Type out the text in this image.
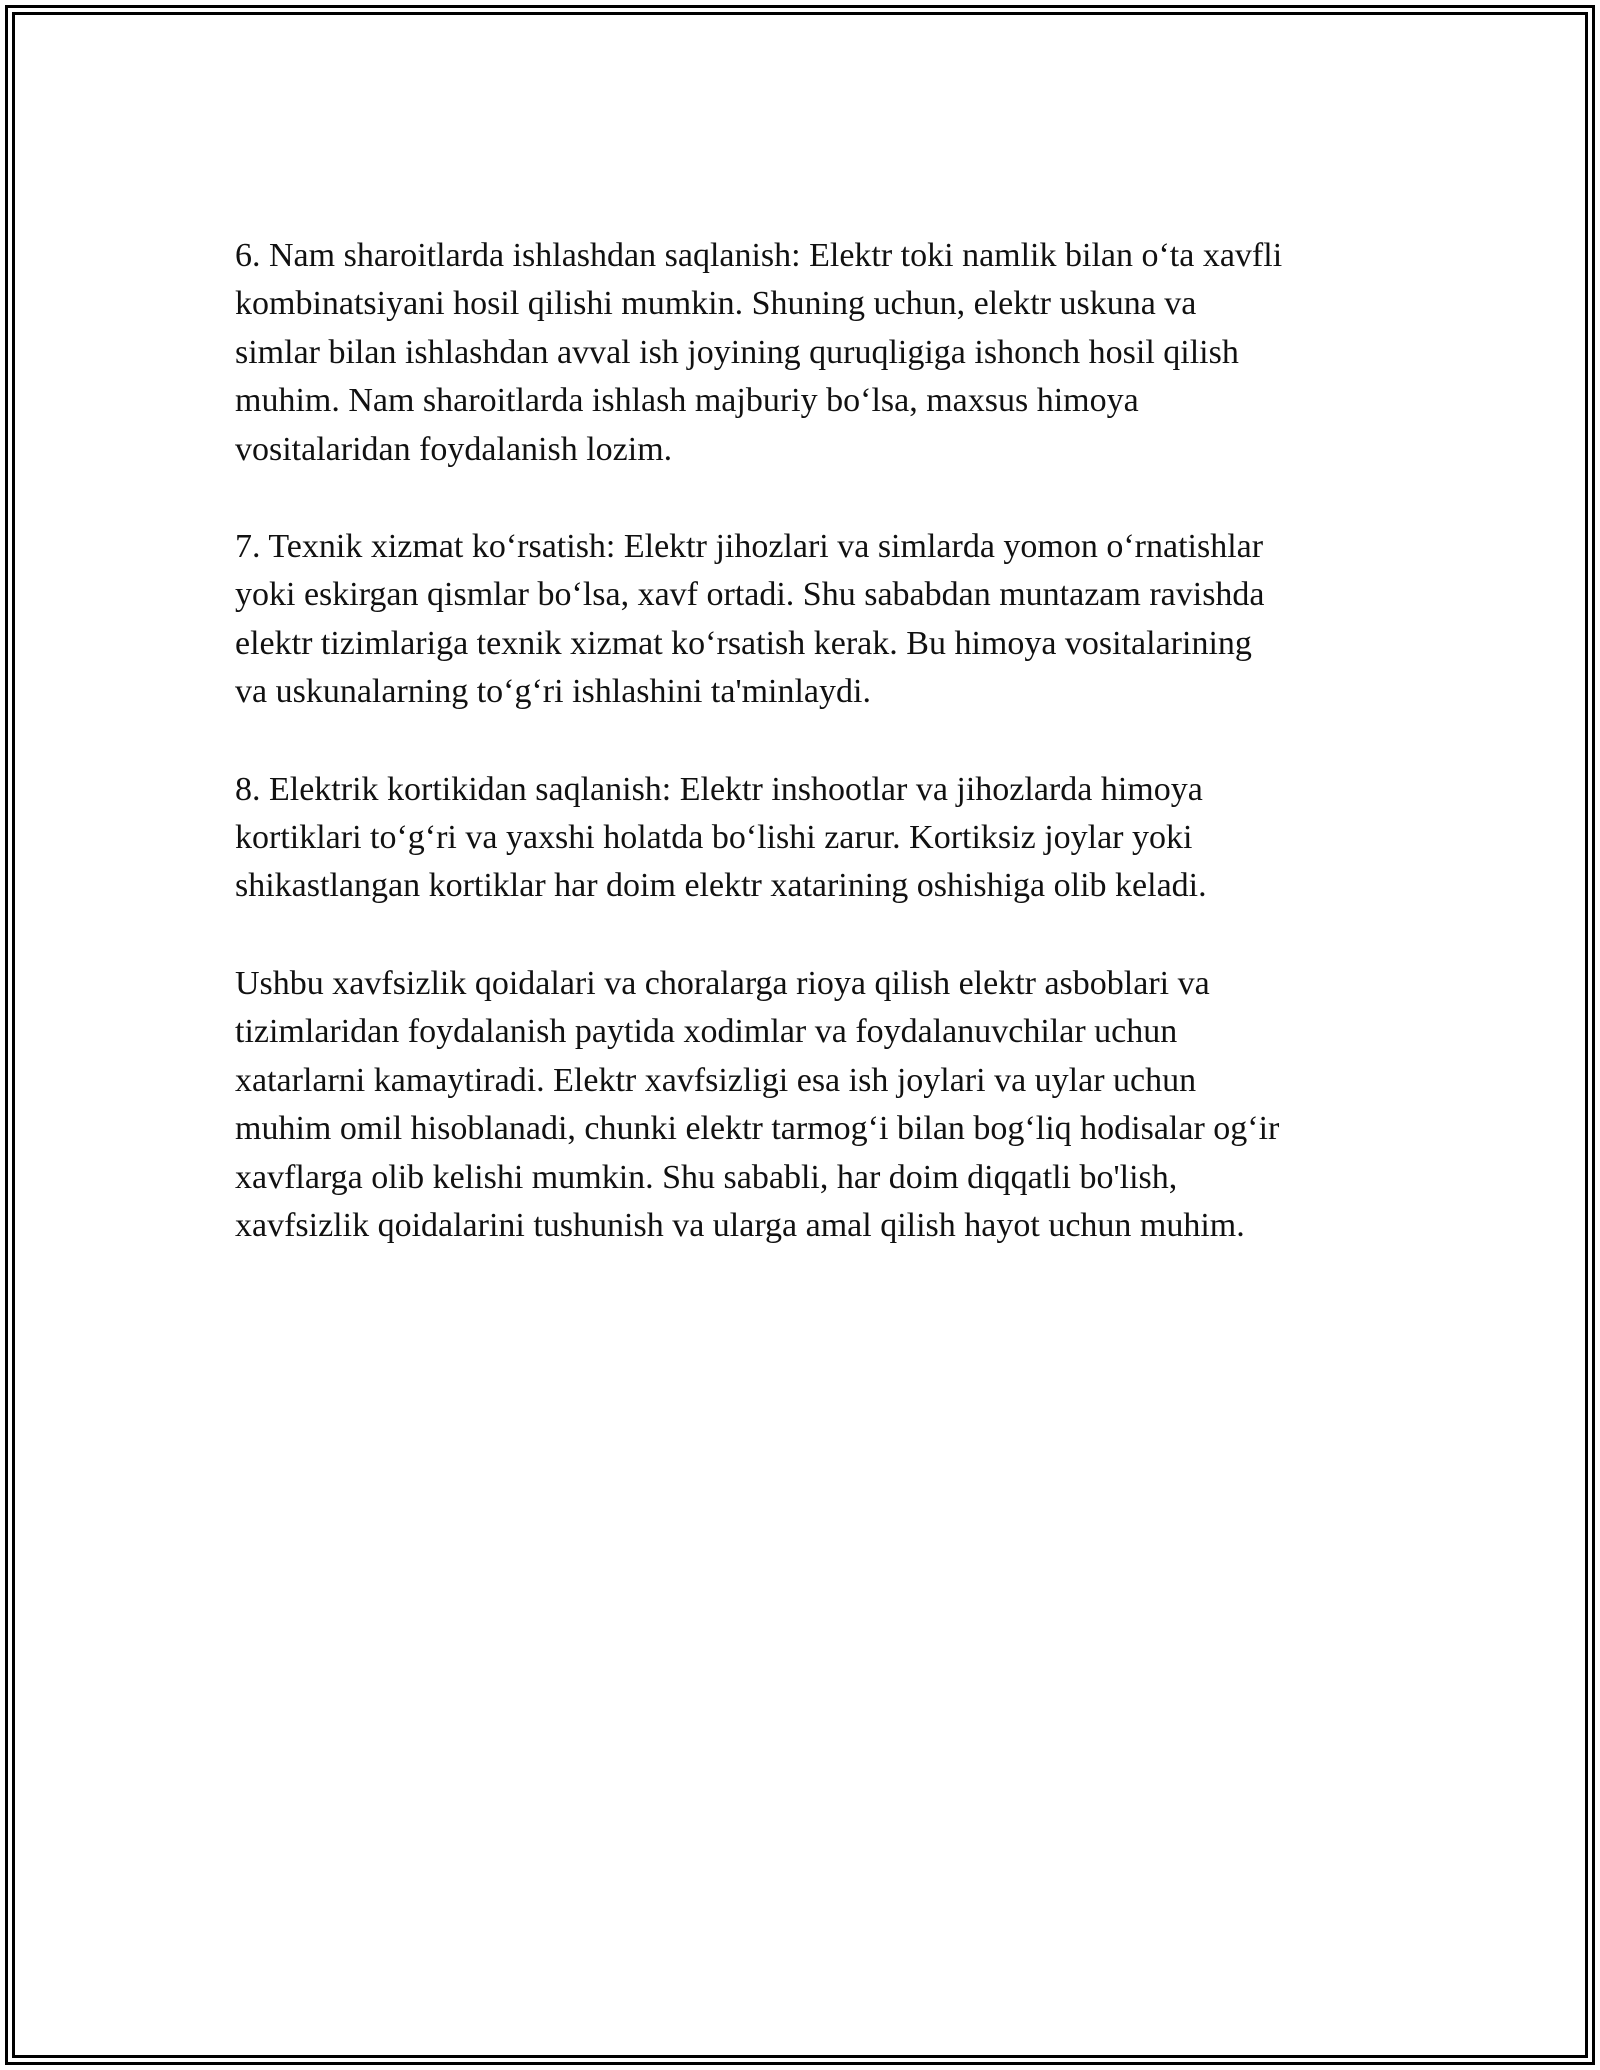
6. Nam sharoitlarda ishlashdan saqlanish: Elektr toki namlik bilan o‘ta xavfli
kombinatsiyani hosil qilishi mumkin. Shuning uchun, elektr uskuna va
simlar bilan ishlashdan avval ish joyining quruqligiga ishonch hosil qilish
muhim. Nam sharoitlarda ishlash majburiy bo‘lsa, maxsus himoya
vositalaridan foydalanish lozim.

7. Texnik xizmat ko‘rsatish: Elektr jihozlari va simlarda yomon o‘rnatishlar
yoki eskirgan qismlar bo‘lsa, xavf ortadi. Shu sababdan muntazam ravishda
elektr tizimlariga texnik xizmat ko‘rsatish kerak. Bu himoya vositalarining
va uskunalarning to‘g‘ri ishlashini ta'minlaydi.

8. Elektrik kortikidan saqlanish: Elektr inshootlar va jihozlarda himoya
kortiklari to‘g‘ri va yaxshi holatda bo‘lishi zarur. Kortiksiz joylar yoki
shikastlangan kortiklar har doim elektr xatarining oshishiga olib keladi.

Ushbu xavfsizlik qoidalari va choralarga rioya qilish elektr asboblari va
tizimlaridan foydalanish paytida xodimlar va foydalanuvchilar uchun
xatarlarni kamaytiradi. Elektr xavfsizligi esa ish joylari va uylar uchun
muhim omil hisoblanadi, chunki elektr tarmog‘i bilan bog‘liq hodisalar og‘ir
xavflarga olib kelishi mumkin. Shu sababli, har doim diqqatli bo'lish,
xavfsizlik qoidalarini tushunish va ularga amal qilish hayot uchun muhim.
